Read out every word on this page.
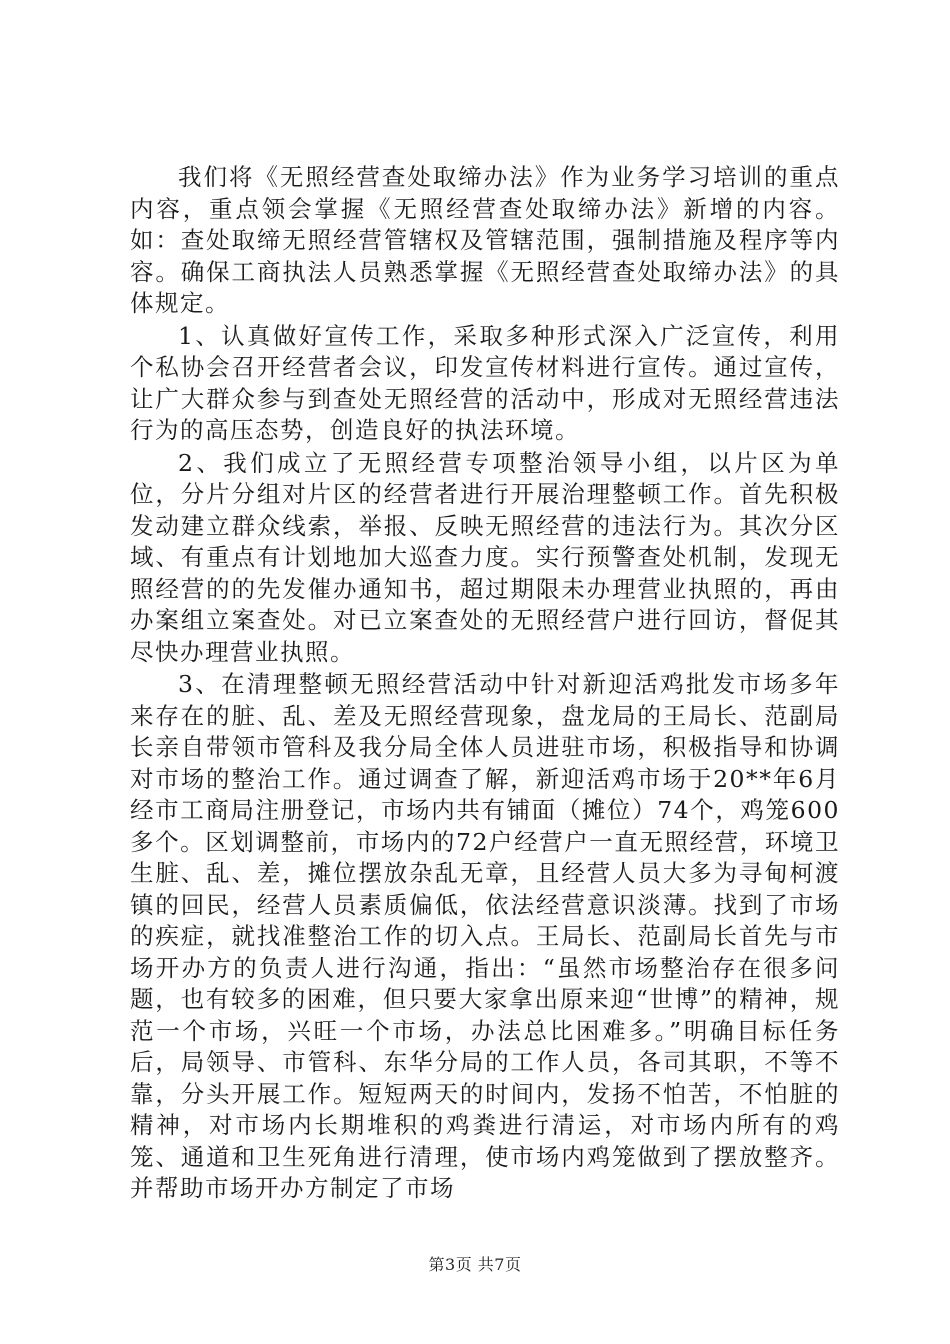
我们将《无照经营查处取缔办法》作为业务学习培训的重点内容，重点领会掌握《无照经营查处取缔办法》新增的内容。如：查处取缔无照经营管辖权及管辖范围，强制措施及程序等内容。确保工商执法人员熟悉掌握《无照经营查处取缔办法》的具体规定。

1、认真做好宣传工作，采取多种形式深入广泛宣传，利用个私协会召开经营者会议，印发宣传材料进行宣传。通过宣传，让广大群众参与到查处无照经营的活动中，形成对无照经营违法行为的高压态势，创造良好的执法环境。

2、我们成立了无照经营专项整治领导小组，以片区为单位，分片分组对片区的经营者进行开展治理整顿工作。首先积极发动建立群众线索，举报、反映无照经营的违法行为。其次分区域、有重点有计划地加大巡查力度。实行预警查处机制，发现无照经营的的先发催办通知书，超过期限未办理营业执照的，再由办案组立案查处。对已立案查处的无照经营户进行回访，督促其尽快办理营业执照。

3、在清理整顿无照经营活动中针对新迎活鸡批发市场多年来存在的脏、乱、差及无照经营现象，盘龙局的王局长、范副局长亲自带领市管科及我分局全体人员进驻市场，积极指导和协调对市场的整治工作。通过调查了解，新迎活鸡市场于20**年6月经市工商局注册登记，市场内共有铺面（摊位）74个，鸡笼600多个。区划调整前，市场内的72户经营户一直无照经营，环境卫生脏、乱、差，摊位摆放杂乱无章，且经营人员大多为寻甸柯渡镇的回民，经营人员素质偏低，依法经营意识淡薄。找到了市场的疾症，就找准整治工作的切入点。王局长、范副局长首先与市场开办方的负责人进行沟通，指出：“虽然市场整治存在很多问题，也有较多的困难，但只要大家拿出原来迎“世博”的精神，规范一个市场，兴旺一个市场，办法总比困难多。”明确目标任务后，局领导、市管科、东华分局的工作人员，各司其职，不等不靠，分头开展工作。短短两天的时间内，发扬不怕苦，不怕脏的精神，对市场内长期堆积的鸡粪进行清运，对市场内所有的鸡笼、通道和卫生死角进行清理，使市场内鸡笼做到了摆放整齐。并帮助市场开办方制定了市场

第3页 共7页
